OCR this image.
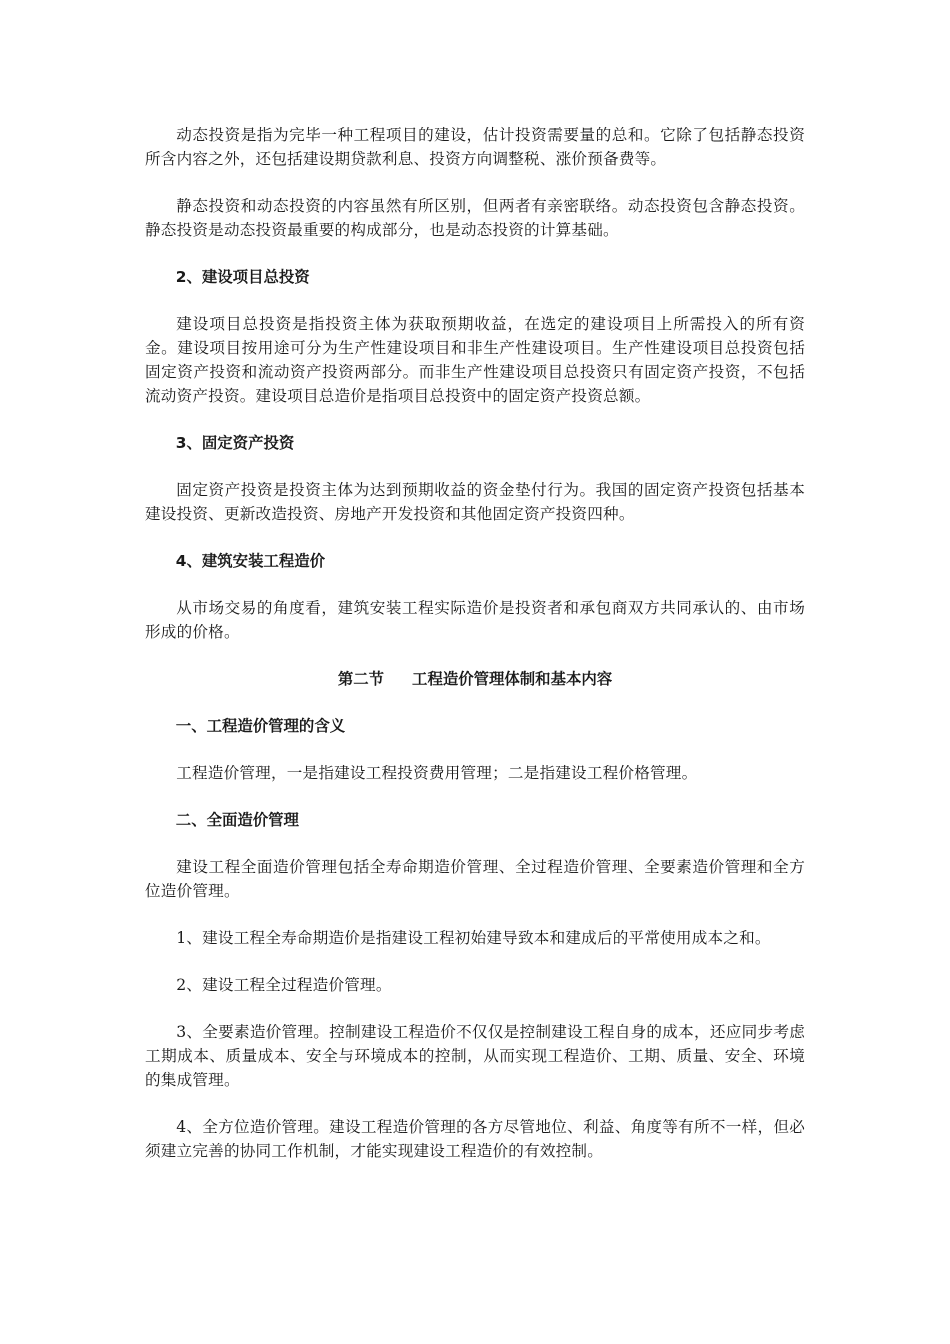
动态投资是指为完毕一种工程项目的建设，估计投资需要量的总和。它除了包括静态投资所含内容之外，还包括建设期贷款利息、投资方向调整税、涨价预备费等。

静态投资和动态投资的内容虽然有所区别，但两者有亲密联络。动态投资包含静态投资。静态投资是动态投资最重要的构成部分，也是动态投资的计算基础。

2、建设项目总投资

建设项目总投资是指投资主体为获取预期收益，在选定的建设项目上所需投入的所有资金。建设项目按用途可分为生产性建设项目和非生产性建设项目。生产性建设项目总投资包括固定资产投资和流动资产投资两部分。而非生产性建设项目总投资只有固定资产投资，不包括流动资产投资。建设项目总造价是指项目总投资中的固定资产投资总额。

3、固定资产投资

固定资产投资是投资主体为达到预期收益的资金垫付行为。我国的固定资产投资包括基本建设投资、更新改造投资、房地产开发投资和其他固定资产投资四种。

4、建筑安装工程造价

从市场交易的角度看，建筑安装工程实际造价是投资者和承包商双方共同承认的、由市场形成的价格。

第二节 工程造价管理体制和基本内容

一、工程造价管理的含义

工程造价管理，一是指建设工程投资费用管理；二是指建设工程价格管理。

二、全面造价管理

建设工程全面造价管理包括全寿命期造价管理、全过程造价管理、全要素造价管理和全方位造价管理。

1、建设工程全寿命期造价是指建设工程初始建导致本和建成后的平常使用成本之和。

2、建设工程全过程造价管理。

3、全要素造价管理。控制建设工程造价不仅仅是控制建设工程自身的成本，还应同步考虑工期成本、质量成本、安全与环境成本的控制，从而实现工程造价、工期、质量、安全、环境的集成管理。

4、全方位造价管理。建设工程造价管理的各方尽管地位、利益、角度等有所不一样，但必须建立完善的协同工作机制，才能实现建设工程造价的有效控制。
